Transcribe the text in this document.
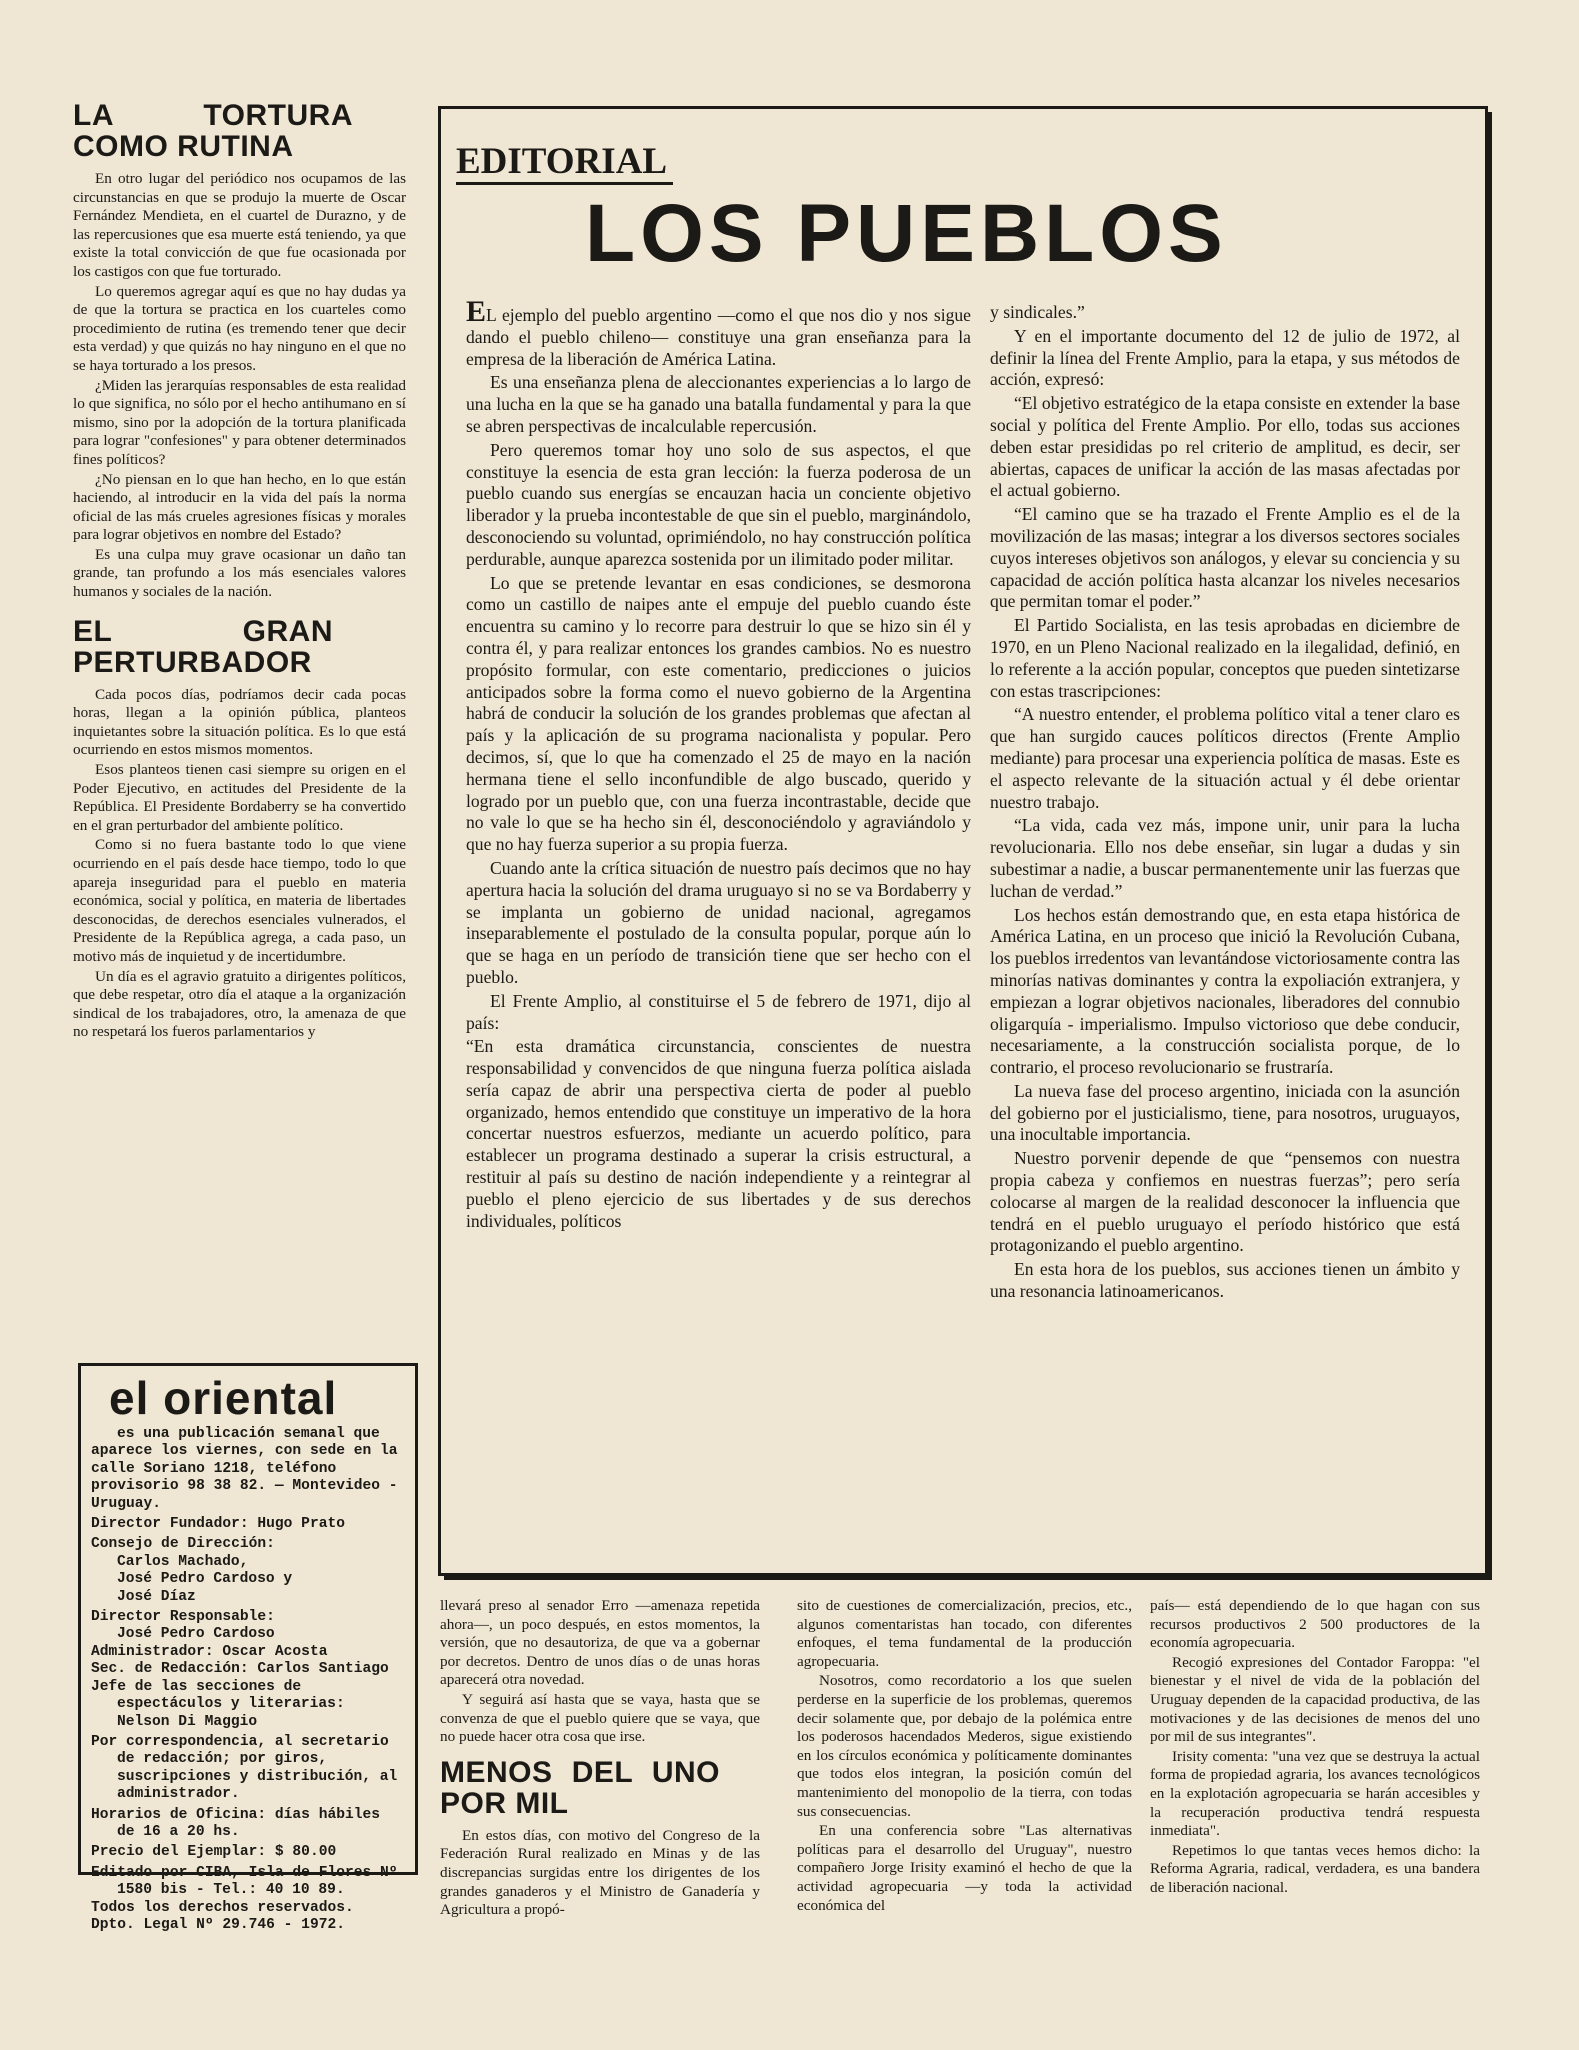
LA TORTURA COMO RUTINA

En otro lugar del periódico nos ocupamos de las circunstancias en que se produjo la muerte de Oscar Fernández Mendieta, en el cuartel de Durazno, y de las repercusiones que esa muerte está teniendo, ya que existe la total convicción de que fue ocasionada por los castigos con que fue torturado.

Lo queremos agregar aquí es que no hay dudas ya de que la tortura se practica en los cuarteles como procedimiento de rutina (es tremendo tener que decir esta verdad) y que quizás no hay ninguno en el que no se haya torturado a los presos.

¿Miden las jerarquías responsables de esta realidad lo que significa, no sólo por el hecho antihumano en sí mismo, sino por la adopción de la tortura planificada para lograr "confesiones" y para obtener determinados fines políticos?

¿No piensan en lo que han hecho, en lo que están haciendo, al introducir en la vida del país la norma oficial de las más crueles agresiones físicas y morales para lograr objetivos en nombre del Estado?

Es una culpa muy grave ocasionar un daño tan grande, tan profundo a los más esenciales valores humanos y sociales de la nación.

EL GRAN PERTURBADOR

Cada pocos días, podríamos decir cada pocas horas, llegan a la opinión pública, planteos inquietantes sobre la situación política. Es lo que está ocurriendo en estos mismos momentos.

Esos planteos tienen casi siempre su origen en el Poder Ejecutivo, en actitudes del Presidente de la República. El Presidente Bordaberry se ha convertido en el gran perturbador del ambiente político.

Como si no fuera bastante todo lo que viene ocurriendo en el país desde hace tiempo, todo lo que apareja inseguridad para el pueblo en materia económica, social y política, en materia de libertades desconocidas, de derechos esenciales vulnerados, el Presidente de la República agrega, a cada paso, un motivo más de inquietud y de incertidumbre.

Un día es el agravio gratuito a dirigentes políticos, que debe respetar, otro día el ataque a la organización sindical de los trabajadores, otro, la amenaza de que no respetará los fueros parlamentarios y

el oriental

es una publicación semanal que aparece los viernes, con sede en la calle Soriano 1218, teléfono provisorio 98 38 82. — Montevideo - Uruguay.

Director Fundador: Hugo Prato

Consejo de Dirección:
Carlos Machado,
José Pedro Cardoso y

José Díaz

Director Responsable:
José Pedro Cardoso
Administrador: Oscar Acosta
Sec. de Redacción: Carlos Santiago

Jefe de las secciones de espectáculos y literarias: Nelson Di Maggio

Por correspondencia, al secretario de redacción; por giros, suscripciones y distribución, al administrador.

Horarios de Oficina: días hábiles de 16 a 20 hs.

Precio del Ejemplar: $ 80.00

Editado por CIBA, Isla de Flores Nº 1580 bis - Tel.: 40 10 89.
Todos los derechos reservados.
Dpto. Legal Nº 29.746 - 1972.
EDITORIAL
LOS PUEBLOS

EL ejemplo del pueblo argentino —como el que nos dio y nos sigue dando el pueblo chileno— constituye una gran enseñanza para la empresa de la liberación de América Latina.

Es una enseñanza plena de aleccionantes experiencias a lo largo de una lucha en la que se ha ganado una batalla fundamental y para la que se abren perspectivas de incalculable repercusión.

Pero queremos tomar hoy uno solo de sus aspectos, el que constituye la esencia de esta gran lección: la fuerza poderosa de un pueblo cuando sus energías se encauzan hacia un conciente objetivo liberador y la prueba incontestable de que sin el pueblo, marginándolo, desconociendo su voluntad, oprimiéndolo, no hay construcción política perdurable, aunque aparezca sostenida por un ilimitado poder militar.

Lo que se pretende levantar en esas condiciones, se desmorona como un castillo de naipes ante el empuje del pueblo cuando éste encuentra su camino y lo recorre para destruir lo que se hizo sin él y contra él, y para realizar entonces los grandes cambios. No es nuestro propósito formular, con este comentario, predicciones o juicios anticipados sobre la forma como el nuevo gobierno de la Argentina habrá de conducir la solución de los grandes problemas que afectan al país y la aplicación de su programa nacionalista y popular. Pero decimos, sí, que lo que ha comenzado el 25 de mayo en la nación hermana tiene el sello inconfundible de algo buscado, querido y logrado por un pueblo que, con una fuerza incontrastable, decide que no vale lo que se ha hecho sin él, desconociéndolo y agraviándolo y que no hay fuerza superior a su propia fuerza.

Cuando ante la crítica situación de nuestro país decimos que no hay apertura hacia la solución del drama uruguayo si no se va Bordaberry y se implanta un gobierno de unidad nacional, agregamos inseparablemente el postulado de la consulta popular, porque aún lo que se haga en un período de transición tiene que ser hecho con el pueblo.

El Frente Amplio, al constituirse el 5 de febrero de 1971, dijo al país:

“En esta dramática circunstancia, conscientes de nuestra responsabilidad y convencidos de que ninguna fuerza política aislada sería capaz de abrir una perspectiva cierta de poder al pueblo organizado, hemos entendido que constituye un imperativo de la hora concertar nuestros esfuerzos, mediante un acuerdo político, para establecer un programa destinado a superar la crisis estructural, a restituir al país su destino de nación independiente y a reintegrar al pueblo el pleno ejercicio de sus libertades y de sus derechos individuales, políticos

y sindicales.”

Y en el importante documento del 12 de julio de 1972, al definir la línea del Frente Amplio, para la etapa, y sus métodos de acción, expresó:

“El objetivo estratégico de la etapa consiste en extender la base social y política del Frente Amplio. Por ello, todas sus acciones deben estar presididas po rel criterio de amplitud, es decir, ser abiertas, capaces de unificar la acción de las masas afectadas por el actual gobierno.

“El camino que se ha trazado el Frente Amplio es el de la movilización de las masas; integrar a los diversos sectores sociales cuyos intereses objetivos son análogos, y elevar su conciencia y su capacidad de acción política hasta alcanzar los niveles necesarios que permitan tomar el poder.”

El Partido Socialista, en las tesis aprobadas en diciembre de 1970, en un Pleno Nacional realizado en la ilegalidad, definió, en lo referente a la acción popular, conceptos que pueden sintetizarse con estas trascripciones:

“A nuestro entender, el problema político vital a tener claro es que han surgido cauces políticos directos (Frente Amplio mediante) para procesar una experiencia política de masas. Este es el aspecto relevante de la situación actual y él debe orientar nuestro trabajo.

“La vida, cada vez más, impone unir, unir para la lucha revolucionaria. Ello nos debe enseñar, sin lugar a dudas y sin subestimar a nadie, a buscar permanentemente unir las fuerzas que luchan de verdad.”

Los hechos están demostrando que, en esta etapa histórica de América Latina, en un proceso que inició la Revolución Cubana, los pueblos irredentos van levantándose victoriosamente contra las minorías nativas dominantes y contra la expoliación extranjera, y empiezan a lograr objetivos nacionales, liberadores del connubio oligarquía - imperialismo. Impulso victorioso que debe conducir, necesariamente, a la construcción socialista porque, de lo contrario, el proceso revolucionario se frustraría.

La nueva fase del proceso argentino, iniciada con la asunción del gobierno por el justicialismo, tiene, para nosotros, uruguayos, una inocultable importancia.

Nuestro porvenir depende de que “pensemos con nuestra propia cabeza y confiemos en nuestras fuerzas”; pero sería colocarse al margen de la realidad desconocer la influencia que tendrá en el pueblo uruguayo el período histórico que está protagonizando el pueblo argentino.

En esta hora de los pueblos, sus acciones tienen un ámbito y una resonancia latinoamericanos.

llevará preso al senador Erro —amenaza repetida ahora—, un poco después, en estos momentos, la versión, que no desautoriza, de que va a gobernar por decretos. Dentro de unos días o de unas horas aparecerá otra novedad.

Y seguirá así hasta que se vaya, hasta que se convenza de que el pueblo quiere que se vaya, que no puede hacer otra cosa que irse.

MENOS DEL UNO POR MIL

En estos días, con motivo del Congreso de la Federación Rural realizado en Minas y de las discrepancias surgidas entre los dirigentes de los grandes ganaderos y el Ministro de Ganadería y Agricultura a propó-

sito de cuestiones de comercialización, precios, etc., algunos comentaristas han tocado, con diferentes enfoques, el tema fundamental de la producción agropecuaria.

Nosotros, como recordatorio a los que suelen perderse en la superficie de los problemas, queremos decir solamente que, por debajo de la polémica entre los poderosos hacendados Mederos, sigue existiendo en los círculos económica y políticamente dominantes que todos elos integran, la posición común del mantenimiento del monopolio de la tierra, con todas sus consecuencias.

En una conferencia sobre "Las alternativas políticas para el desarrollo del Uruguay", nuestro compañero Jorge Irisity examinó el hecho de que la actividad agropecuaria —y toda la actividad económica del

país— está dependiendo de lo que hagan con sus recursos productivos 2 500 productores de la economía agropecuaria.

Recogió expresiones del Contador Faroppa: "el bienestar y el nivel de vida de la población del Uruguay dependen de la capacidad productiva, de las motivaciones y de las decisiones de menos del uno por mil de sus integrantes".

Irisity comenta: "una vez que se destruya la actual forma de propiedad agraria, los avances tecnológicos en la explotación agropecuaria se harán accesibles y la recuperación productiva tendrá respuesta inmediata".

Repetimos lo que tantas veces hemos dicho: la Reforma Agraria, radical, verdadera, es una bandera de liberación nacional.
